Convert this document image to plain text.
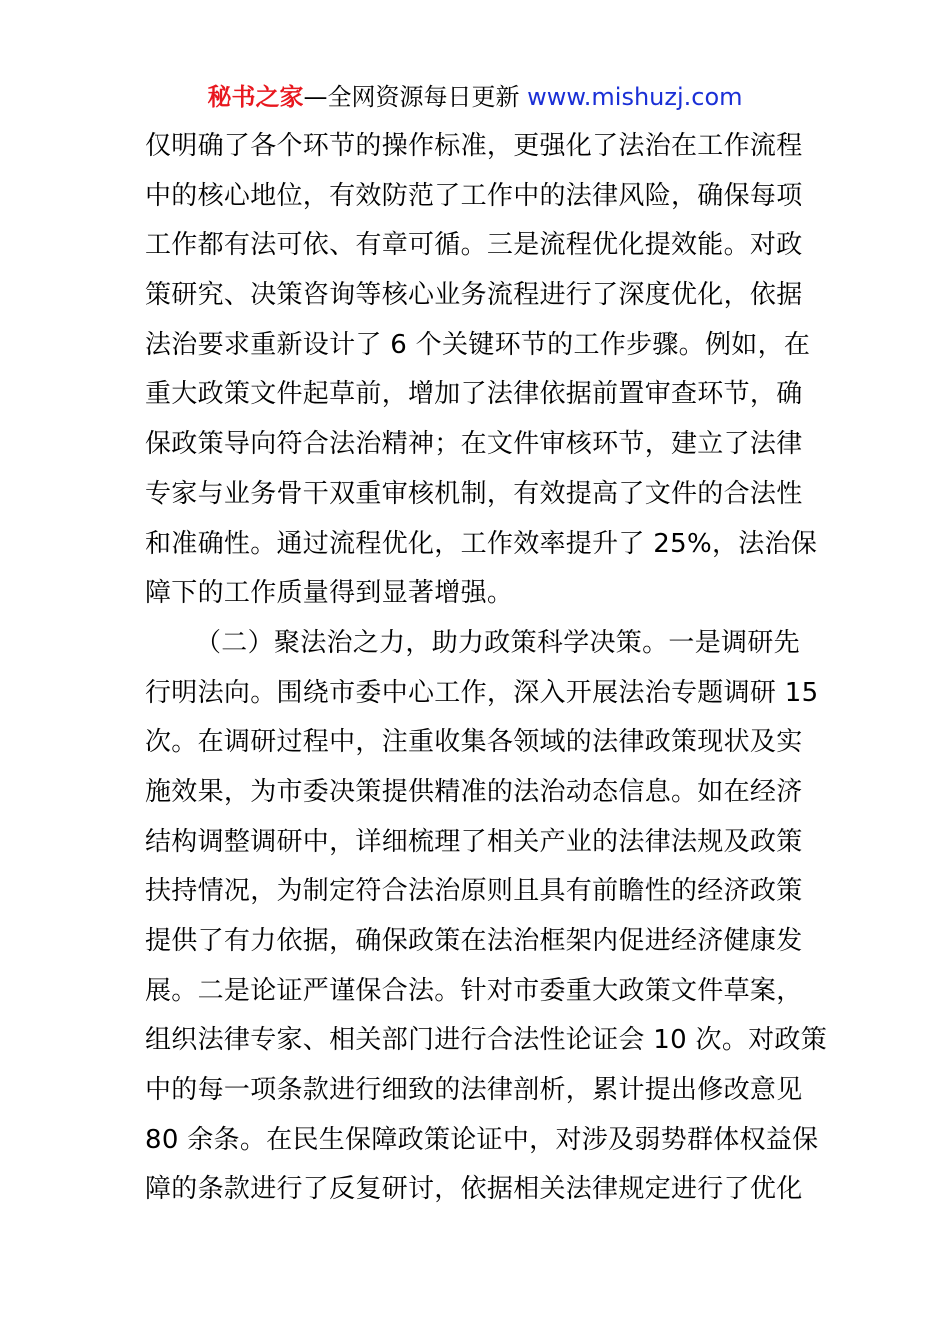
秘书之家—全网资源每日更新 www.mishuzj.com
仅明确了各个环节的操作标准，更强化了法治在工作流程
中的核心地位，有效防范了工作中的法律风险，确保每项
工作都有法可依、有章可循。三是流程优化提效能。对政
策研究、决策咨询等核心业务流程进行了深度优化，依据
法治要求重新设计了 6 个关键环节的工作步骤。例如，在
重大政策文件起草前，增加了法律依据前置审查环节，确
保政策导向符合法治精神；在文件审核环节，建立了法律
专家与业务骨干双重审核机制，有效提高了文件的合法性
和准确性。通过流程优化，工作效率提升了 25%，法治保
障下的工作质量得到显著增强。
（二）聚法治之力，助力政策科学决策。一是调研先
行明法向。围绕市委中心工作，深入开展法治专题调研 15
次。在调研过程中，注重收集各领域的法律政策现状及实
施效果，为市委决策提供精准的法治动态信息。如在经济
结构调整调研中，详细梳理了相关产业的法律法规及政策
扶持情况，为制定符合法治原则且具有前瞻性的经济政策
提供了有力依据，确保政策在法治框架内促进经济健康发
展。二是论证严谨保合法。针对市委重大政策文件草案，
组织法律专家、相关部门进行合法性论证会 10 次。对政策
中的每一项条款进行细致的法律剖析，累计提出修改意见
80 余条。在民生保障政策论证中，对涉及弱势群体权益保
障的条款进行了反复研讨，依据相关法律规定进行了优化
